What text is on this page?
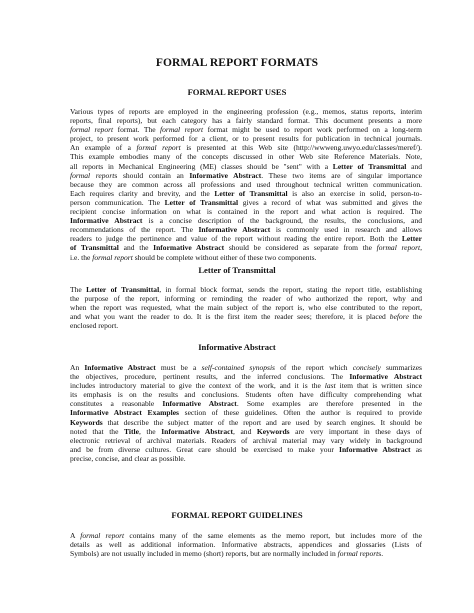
FORMAL REPORT FORMATS
FORMAL REPORT USES
Various types of reports are employed in the engineering profession (e.g., memos, status reports, interim
reports, final reports), but each category has a fairly standard format. This document presents a more
formal report format. The formal report format might be used to report work performed on a long-term
project, to present work performed for a client, or to present results for publication in technical journals.
An example of a formal report is presented at this Web site (http://wwweng.uwyo.edu/classes/meref/).
This example embodies many of the concepts discussed in other Web site Reference Materials. Note,
all reports in Mechanical Engineering (ME) classes should be "sent" with a Letter of Transmittal and
formal reports should contain an Informative Abstract. These two items are of singular importance
because they are common across all professions and used throughout technical written communication.
Each requires clarity and brevity, and the Letter of Transmittal is also an exercise in solid, person-to-
person communication. The Letter of Transmittal gives a record of what was submitted and gives the
recipient concise information on what is contained in the report and what action is required. The
Informative Abstract is a concise description of the background, the results, the conclusions, and
recommendations of the report. The Informative Abstract is commonly used in research and allows
readers to judge the pertinence and value of the report without reading the entire report. Both the Letter
of Transmittal and the Informative Abstract should be considered as separate from the formal report,
i.e. the formal report should be complete without either of these two components.
Letter of Transmittal
The Letter of Transmittal, in formal block format, sends the report, stating the report title, establishing
the purpose of the report, informing or reminding the reader of who authorized the report, why and
when the report was requested, what the main subject of the report is, who else contributed to the report,
and what you want the reader to do. It is the first item the reader sees; therefore, it is placed before the
enclosed report.
Informative Abstract
An Informative Abstract must be a self-contained synopsis of the report which concisely summarizes
the objectives, procedure, pertinent results, and the inferred conclusions. The Informative Abstract
includes introductory material to give the context of the work, and it is the last item that is written since
its emphasis is on the results and conclusions. Students often have difficulty comprehending what
constitutes a reasonable Informative Abstract. Some examples are therefore presented in the
Informative Abstract Examples section of these guidelines. Often the author is required to provide
Keywords that describe the subject matter of the report and are used by search engines. It should be
noted that the Title, the Informative Abstract, and Keywords are very important in these days of
electronic retrieval of archival materials. Readers of archival material may vary widely in background
and be from diverse cultures. Great care should be exercised to make your Informative Abstract as
precise, concise, and clear as possible.
FORMAL REPORT GUIDELINES
A formal report contains many of the same elements as the memo report, but includes more of the
details as well as additional information. Informative abstracts, appendices and glossaries (Lists of
Symbols) are not usually included in memo (short) reports, but are normally included in formal reports.
